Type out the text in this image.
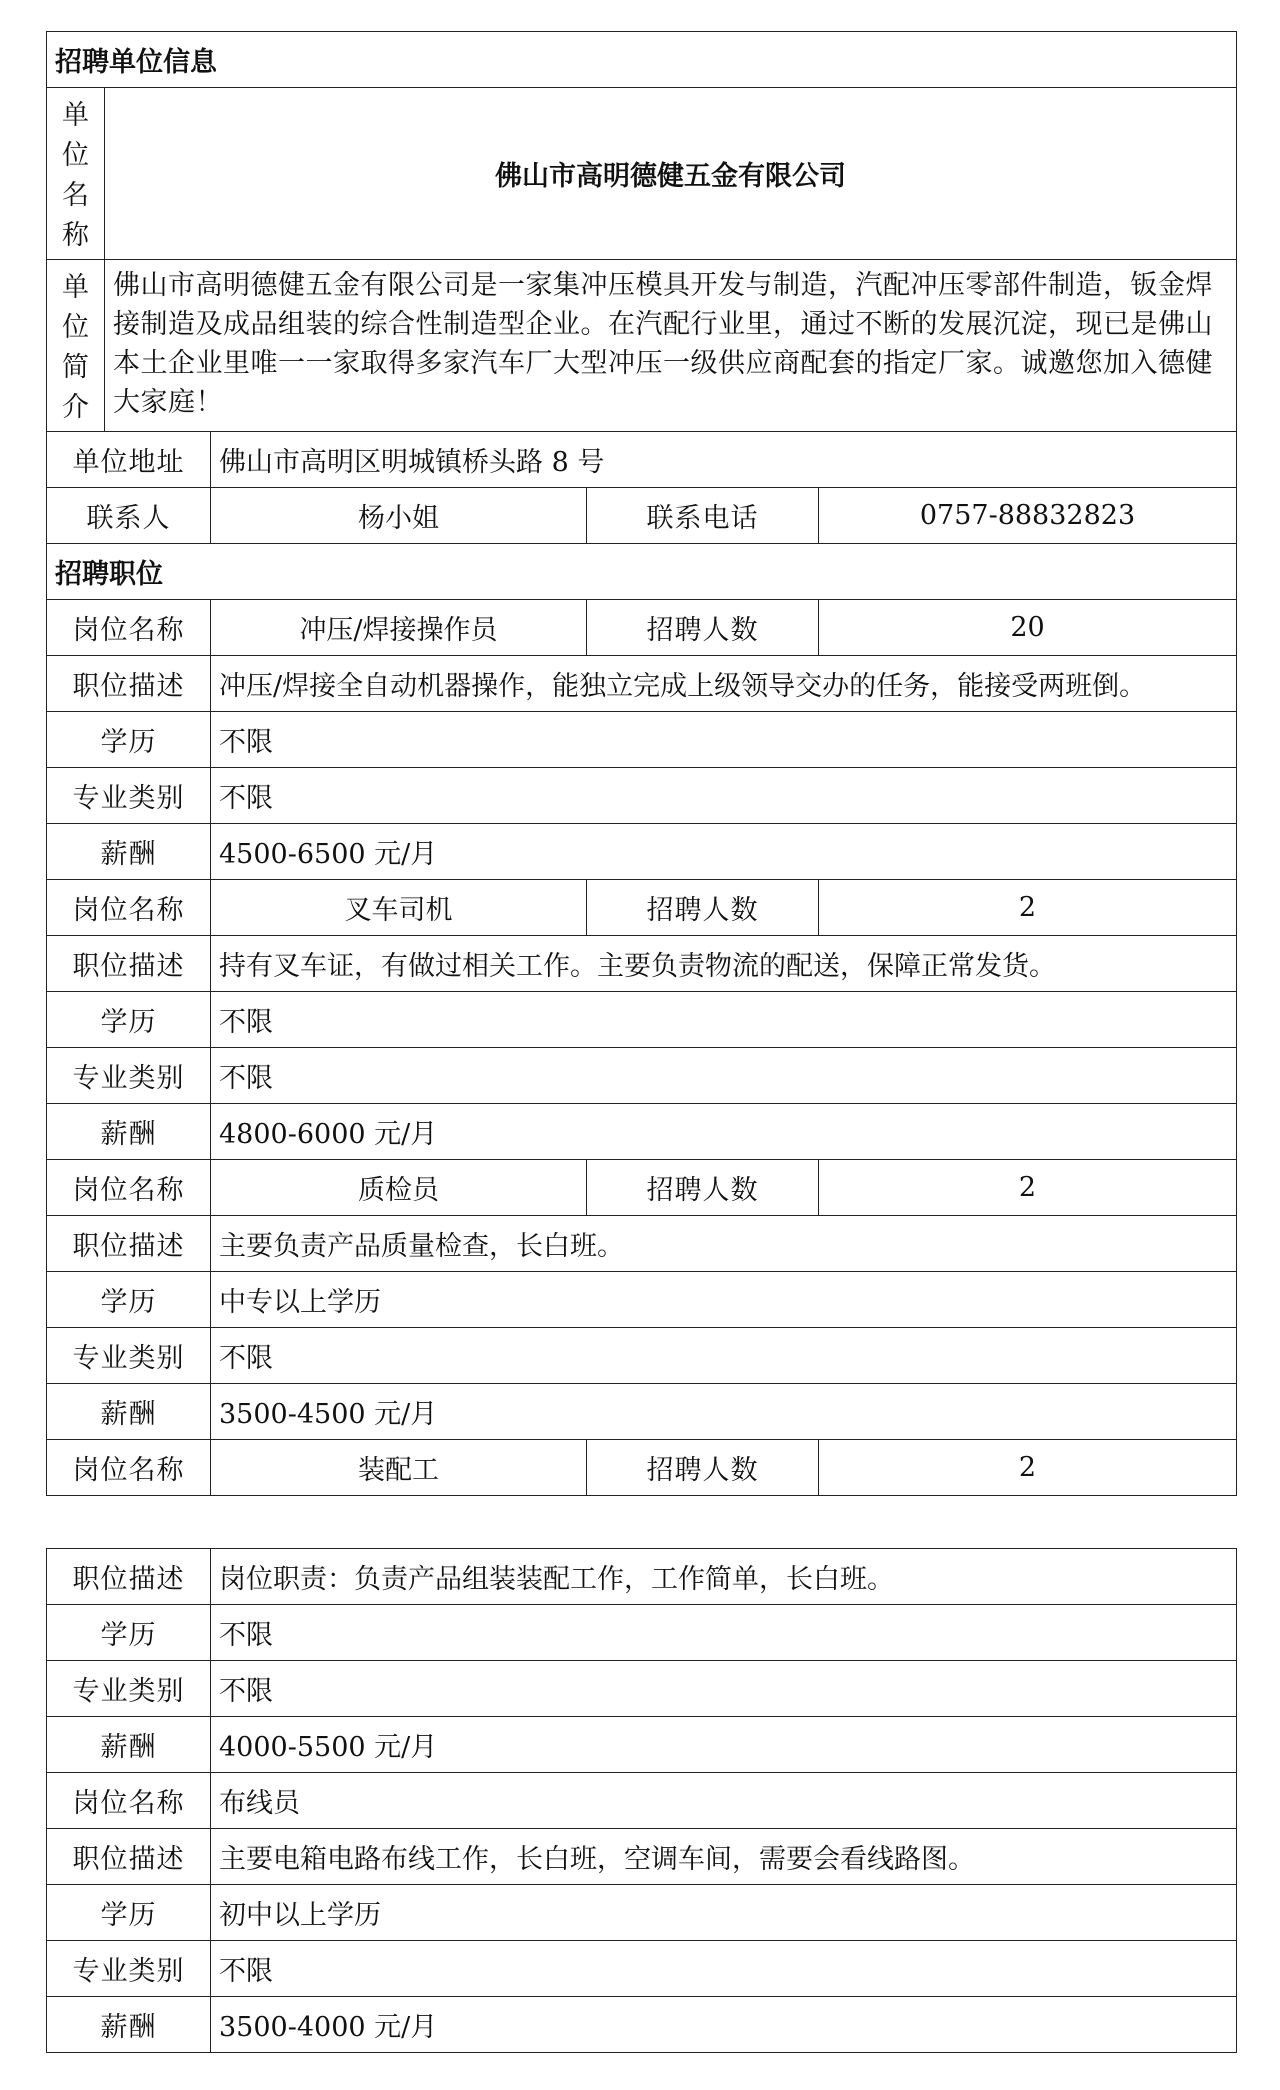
招聘单位信息				

单
位
名
称	佛山市高明德健五金有限公司			

单
位
简
介	佛山市高明德健五金有限公司是一家集冲压模具开发与制造，汽配冲压零部件制造，钣金焊接制造及成品组装的综合性制造型企业。在汽配行业里，通过不断的发展沉淀，现已是佛山本土企业里唯一一家取得多家汽车厂大型冲压一级供应商配套的指定厂家。诚邀您加入德健大家庭！			
单位地址		佛山市高明区明城镇桥头路 8 号		
联系人		杨小姐	联系电话	0757-88832823
招聘职位				
岗位名称		冲压/焊接操作员	招聘人数	20
职位描述		冲压/焊接全自动机器操作，能独立完成上级领导交办的任务，能接受两班倒。		
学历		不限		
专业类别		不限		
薪酬		4500-6500 元/月		
岗位名称		叉车司机	招聘人数	2
职位描述		持有叉车证，有做过相关工作。主要负责物流的配送，保障正常发货。		
学历		不限		
专业类别		不限		
薪酬		4800-6000 元/月		
岗位名称		质检员	招聘人数	2
职位描述		主要负责产品质量检查，长白班。		
学历		中专以上学历		
专业类别		不限		
薪酬		3500-4500 元/月		
岗位名称		装配工	招聘人数	2
职位描述	岗位职责：负责产品组装装配工作，工作简单，长白班。
学历	不限
专业类别	不限
薪酬	4000-5500 元/月
岗位名称	布线员
职位描述	主要电箱电路布线工作，长白班，空调车间，需要会看线路图。
学历	初中以上学历
专业类别	不限
薪酬	3500-4000 元/月
